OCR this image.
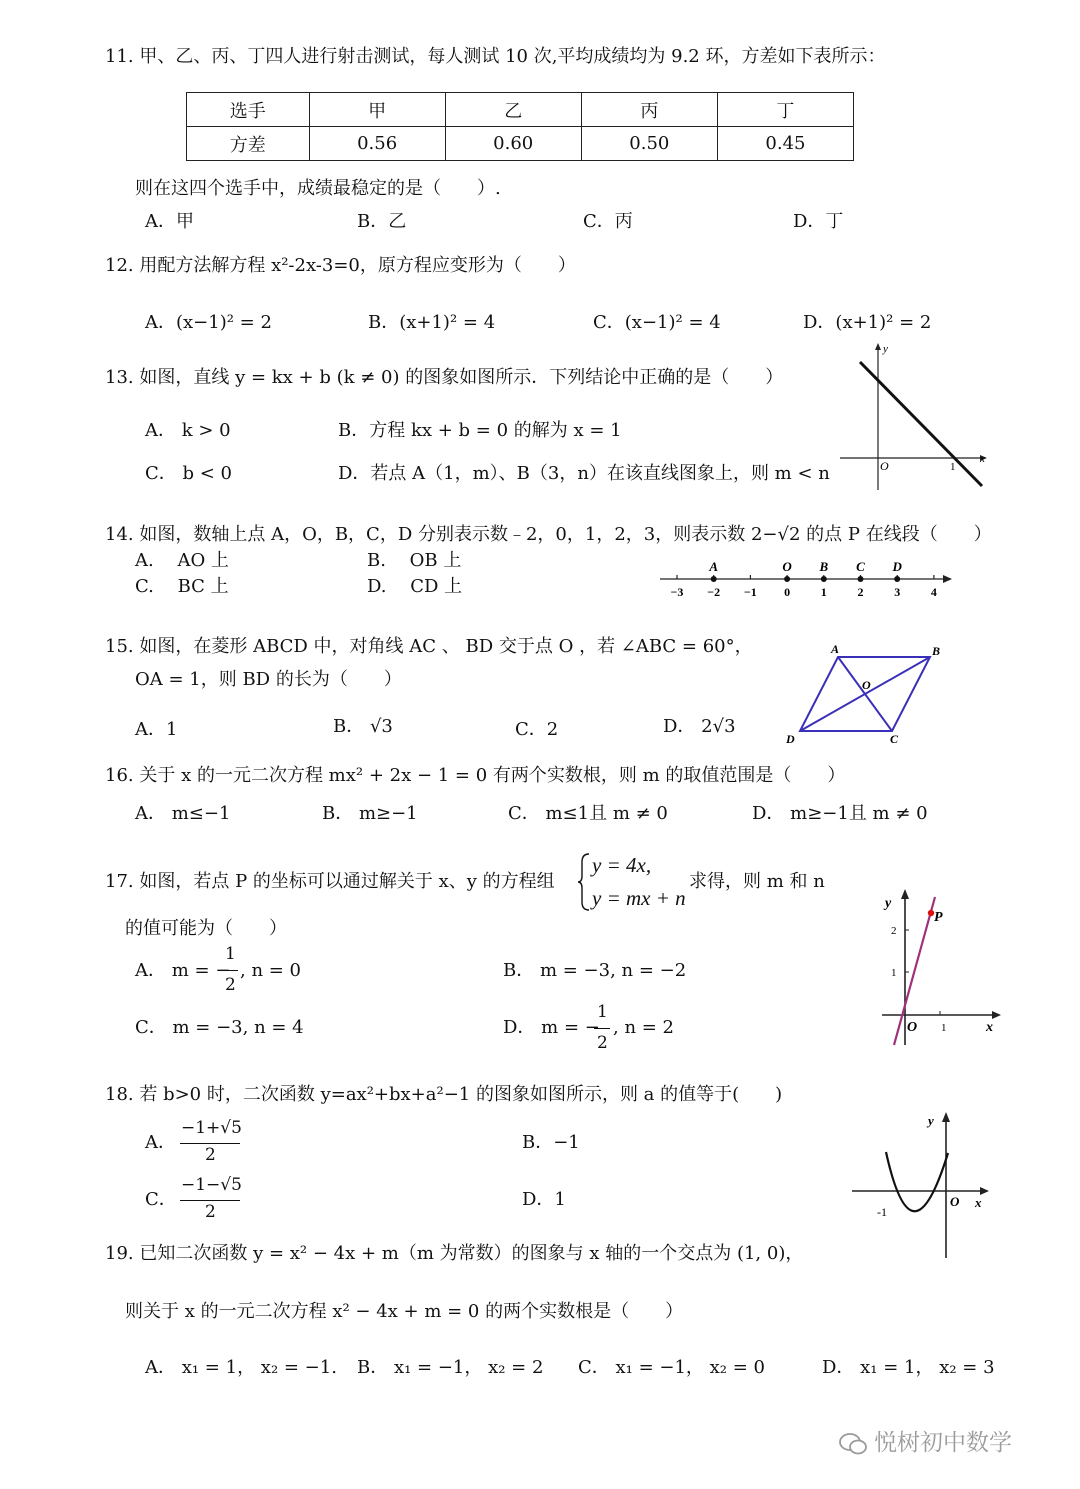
11. 甲、乙、丙、丁四人进行射击测试，每人测试 10 次,平均成绩均为 9.2 环，方差如下表所示：
选手	甲	乙	丙	丁
方差	0.56	0.60	0.50	0.45
则在这四个选手中，成绩最稳定的是（　　）.
A．甲	B．乙	C．丙	D．丁
12. 用配方法解方程 x²-2x-3=0，原方程应变形为（　　）
A．(x−1)² = 2	B．(x+1)² = 4	C．(x−1)² = 4	D．(x+1)² = 2
13. 如图，直线 y = kx + b (k ≠ 0) 的图象如图所示．下列结论中正确的是（　　）
A． k > 0	B．方程 kx + b = 0 的解为 x = 1
C． b < 0	D．若点 A（1，m）、B（3，n）在该直线图象上，则 m < n
y
x
O	1
14. 如图，数轴上点 A，O，B，C，D 分别表示数﹣2，0，1，2，3，则表示数 2−√2 的点 P 在线段（　　）
A.　 AO 上	B.　 OB 上
C.　 BC 上	D.　 CD 上	−3 −2 −1 0	1	2	3	4
A	O B C D
15. 如图，在菱形 ABCD 中，对角线 AC 、 BD 交于点 O ，若 ∠ABC = 60°，
OA = 1，则 BD 的长为（　　）
A．1	B． √3	C．2	D． 2√3
A	B
C
D
O
16. 关于 x 的一元二次方程 mx² + 2x − 1 = 0 有两个实数根，则 m 的取值范围是（　　）
A． m≤−1	B． m≥−1	C． m≤1且 m ≠ 0	D． m≥−1且 m ≠ 0
17. 如图，若点 P 的坐标可以通过解关于 x、y 的方程组
y = 4x,
y = mx + n
求得，则 m 和 n
的值可能为（　　）
A． m = −
1
2
, n = 0	B． m = −3, n = −2
C． m = −3, n = 4	D． m = −
1
2
, n = 2
P
y
x
O
2
1
1
18. 若 b>0 时，二次函数 y=ax²+bx+a²−1 的图象如图所示，则 a 的值等于(　　)
A．
−1+√5
2
B．−1
C．
−1−√5
2
D．1
y
x
O
-1
19. 已知二次函数 y = x² − 4x + m（m 为常数）的图象与 x 轴的一个交点为 (1, 0)，
则关于 x 的一元二次方程 x² − 4x + m = 0 的两个实数根是（　　）
A． x₁ = 1， x₂ = −1. B． x₁ = −1， x₂ = 2 C． x₁ = −1， x₂ = 0	D． x₁ = 1， x₂ = 3
悦树初中数学
